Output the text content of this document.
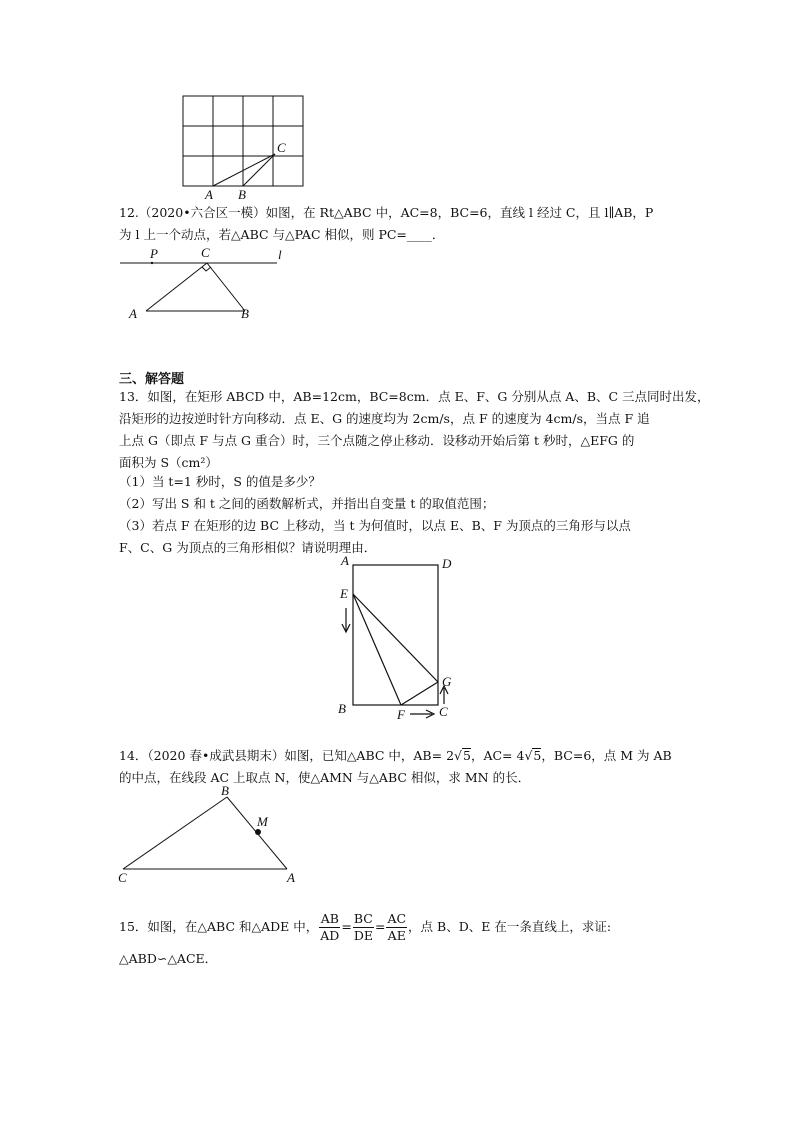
C
A B
12.（2020•六合区一模）如图，在 Rt△ABC 中，AC=8，BC=6，直线 l 经过 C，且 l∥AB，P
为 l 上一个动点，若△ABC 与△PAC 相似，则 PC=____．
P	C	l
A	B
三、解答题
13．如图，在矩形 ABCD 中，AB=12cm，BC=8cm．点 E、F、G 分别从点 A、B、C 三点同时出发，
沿矩形的边按逆时针方向移动．点 E、G 的速度均为 2cm/s，点 F 的速度为 4cm/s，当点 F 追
上点 G（即点 F 与点 G 重合）时，三个点随之停止移动．设移动开始后第 t 秒时，△EFG 的
面积为 S（cm²）
（1）当 t=1 秒时，S 的值是多少？
（2）写出 S 和 t 之间的函数解析式，并指出自变量 t 的取值范围；
（3）若点 F 在矩形的边 BC 上移动，当 t 为何值时，以点 E、B、F 为顶点的三角形与以点
F、C、G 为顶点的三角形相似？请说明理由．
A	D
E
G
B	F	C
14．（2020 春•成武县期末）如图，已知△ABC 中，AB= 2√5，AC= 4√5，BC=6，点 M 为 AB
的中点，在线段 AC 上取点 N，使△AMN 与△ABC 相似，求 MN 的长．
B
M
C	A
15．如图，在△ABC 和△ADE 中， $\frac{AB}{AD} = \frac{BC}{DE} = \frac{AC}{AE}$ ，点 B、D、E 在一条直线上，求证:
△ABD∽△ACE．
